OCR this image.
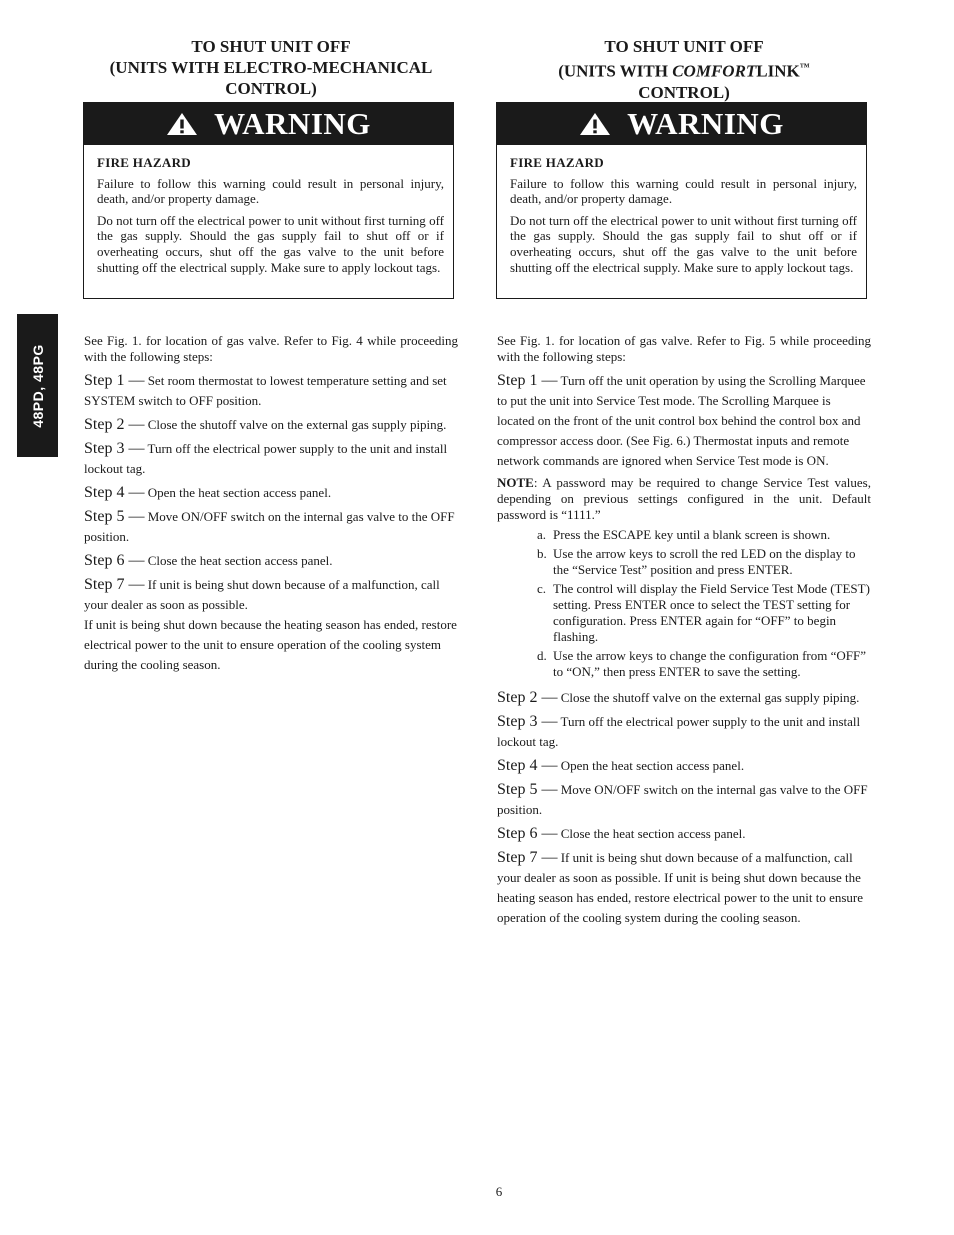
48PD, 48PG
TO SHUT UNIT OFF
(UNITS WITH ELECTRO-MECHANICAL
CONTROL)
WARNING
FIRE HAZARD

Failure to follow this warning could result in personal injury, death, and/or property damage.

Do not turn off the electrical power to unit without first turning off the gas supply. Should the gas supply fail to shut off or if overheating occurs, shut off the gas valve to the unit before shutting off the electrical supply. Make sure to apply lockout tags.

See Fig. 1. for location of gas valve. Refer to Fig. 4 while proceeding with the following steps:

Step 1 — Set room thermostat to lowest temperature setting and set SYSTEM switch to OFF position.

Step 2 — Close the shutoff valve on the external gas supply piping.

Step 3 — Turn off the electrical power supply to the unit and install lockout tag.

Step 4 — Open the heat section access panel.

Step 5 — Move ON/OFF switch on the internal gas valve to the OFF position.

Step 6 — Close the heat section access panel.

Step 7 — If unit is being shut down because of a malfunction, call your dealer as soon as possible.

If unit is being shut down because the heating season has ended, restore electrical power to the unit to ensure operation of the cooling system during the cooling season.

TO SHUT UNIT OFF
(UNITS WITH COMFORTLINK™
CONTROL)
WARNING
FIRE HAZARD

Failure to follow this warning could result in personal injury, death, and/or property damage.

Do not turn off the electrical power to unit without first turning off the gas supply. Should the gas supply fail to shut off or if overheating occurs, shut off the gas valve to the unit before shutting off the electrical supply. Make sure to apply lockout tags.

See Fig. 1. for location of gas valve. Refer to Fig. 5 while proceeding with the following steps:

Step 1 — Turn off the unit operation by using the Scrolling Marquee to put the unit into Service Test mode. The Scrolling Marquee is located on the front of the unit control box behind the control box and compressor access door. (See Fig. 6.) Thermostat inputs and remote network commands are ignored when Service Test mode is ON.

NOTE: A password may be required to change Service Test values, depending on previous settings configured in the unit. Default password is “1111.”

a. Press the ESCAPE key until a blank screen is shown.
b. Use the arrow keys to scroll the red LED on the display to the “Service Test” position and press ENTER.
c. The control will display the Field Service Test Mode (TEST) setting. Press ENTER once to select the TEST setting for configuration. Press ENTER again for “OFF” to begin flashing.
d. Use the arrow keys to change the configuration from “OFF” to “ON,” then press ENTER to save the setting.

Step 2 — Close the shutoff valve on the external gas supply piping.

Step 3 — Turn off the electrical power supply to the unit and install lockout tag.

Step 4 — Open the heat section access panel.

Step 5 — Move ON/OFF switch on the internal gas valve to the OFF position.

Step 6 — Close the heat section access panel.

Step 7 — If unit is being shut down because of a malfunction, call your dealer as soon as possible. If unit is being shut down because the heating season has ended, restore electrical power to the unit to ensure operation of the cooling system during the cooling season.

6
